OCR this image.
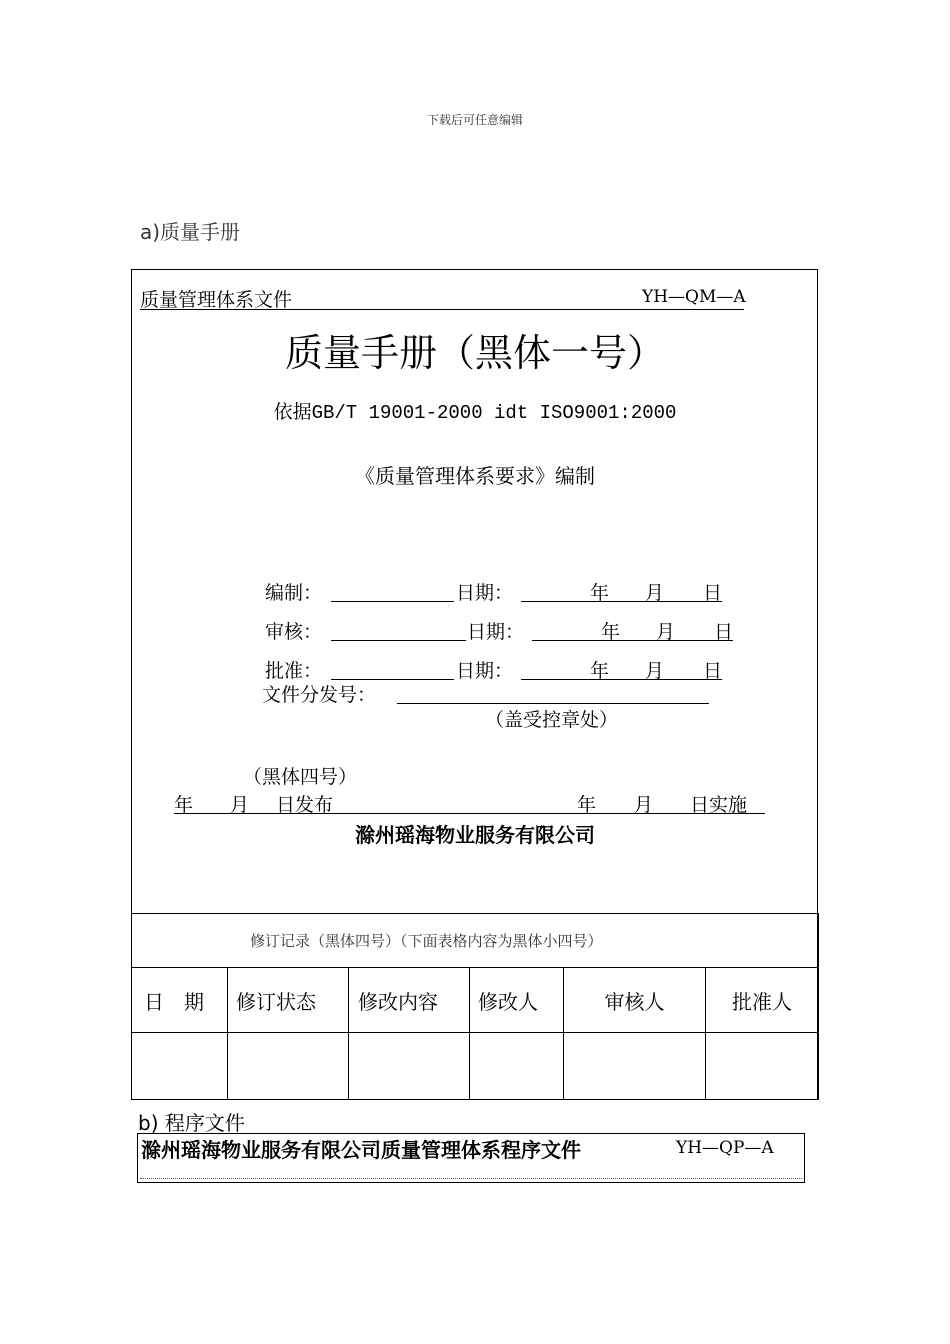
下载后可任意编辑
a)质量手册
质量管理体系文件	YH—QM—A
质量手册（黑体一号）
依据GB/T 19001-2000 idt ISO9001:2000
《质量管理体系要求》编制
编制：	日期：	年 月 日
审核：	日期：	年 月 日
批准：	日期：	年 月 日
文件分发号：
（盖受控章处）
（黑体四号）
年 月 日发布	年 月 日实施
滁州瑶海物业服务有限公司
修订记录（黑体四号）（下面表格内容为黑体小四号）					
日　期	修订状态	修改内容	修改人	审核人	批准人

b) 程序文件
滁州瑶海物业服务有限公司质量管理体系程序文件	YH—QP—A
